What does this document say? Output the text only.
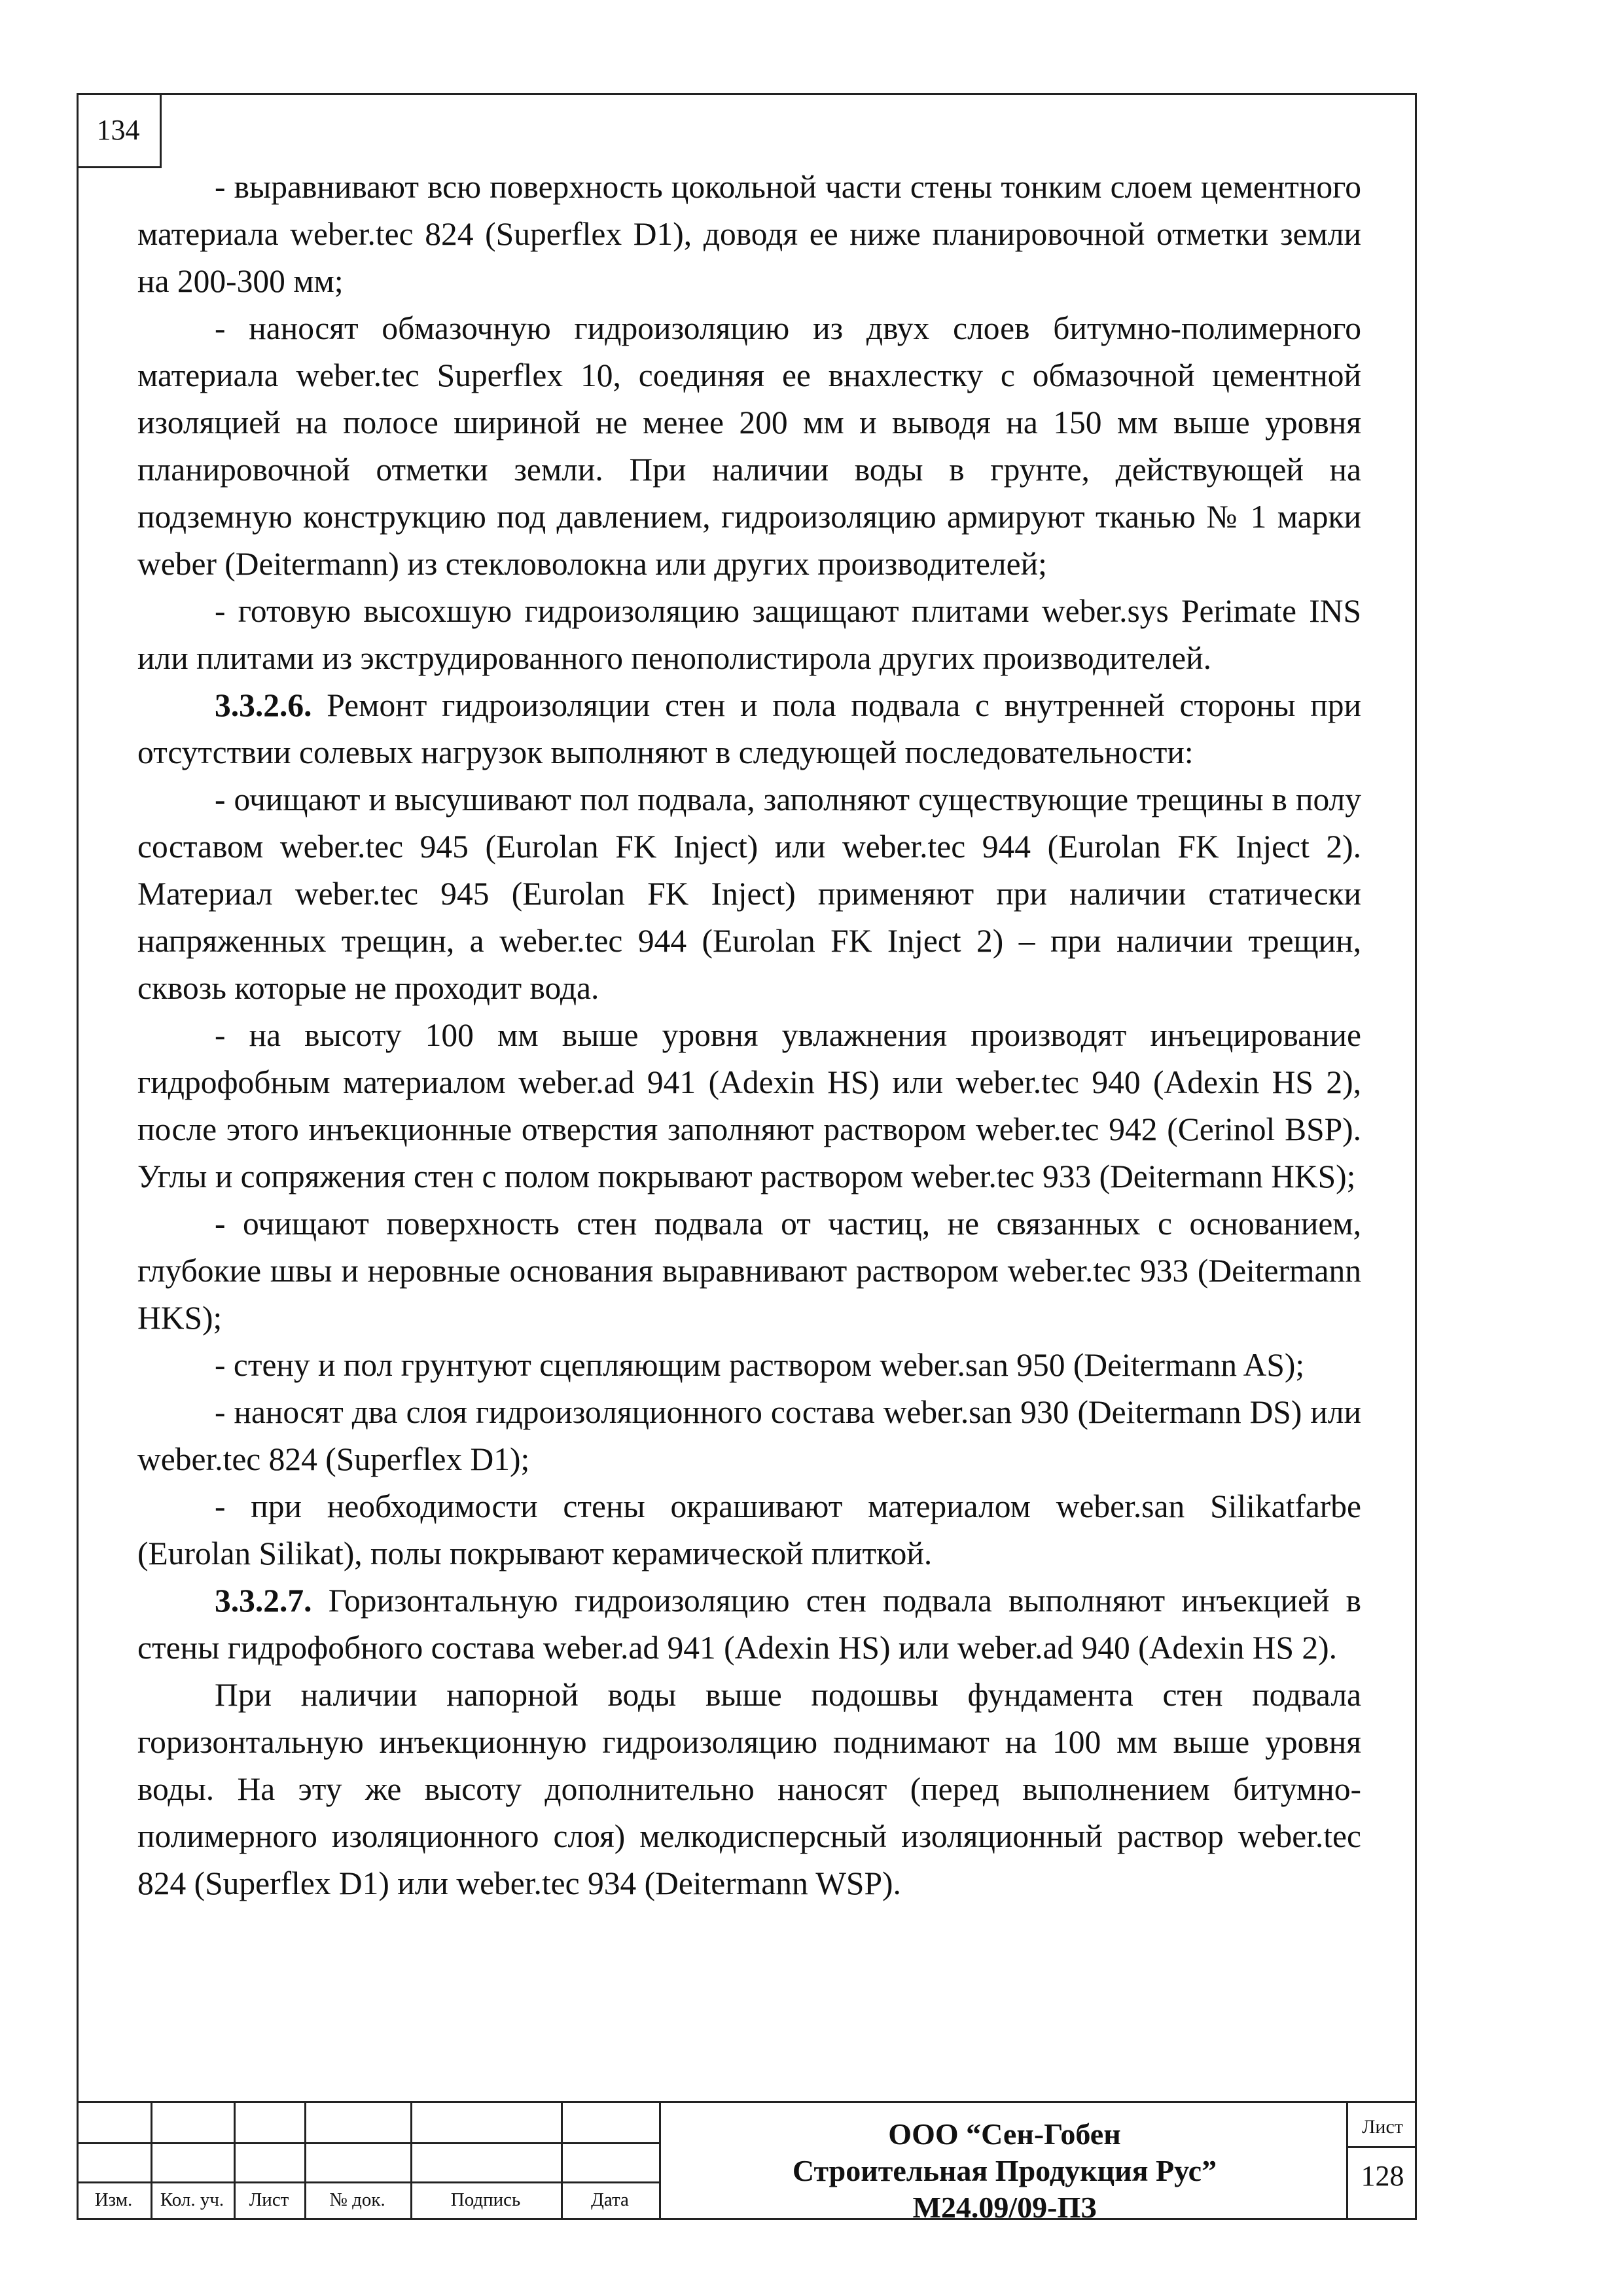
134

- выравнивают всю поверхность цокольной части стены тонким слоем цементного материала weber.tec 824 (Superflex D1), доводя ее ниже планировочной отметки земли на 200-300 мм;

- наносят обмазочную гидроизоляцию из двух слоев битумно-полимерного материала weber.tec Superflex 10, соединяя ее внахлестку с обмазочной цементной изоляцией на полосе шириной не менее 200 мм и выводя на 150 мм выше уровня планировочной отметки земли. При наличии воды в грунте, действующей на подземную конструкцию под давлением, гидроизоляцию армируют тканью № 1 марки weber (Deitermann) из стекловолокна или других производителей;

- готовую высохшую гидроизоляцию защищают плитами weber.sys Perimate INS или плитами из экструдированного пенополистирола других производителей.

3.3.2.6. Ремонт гидроизоляции стен и пола подвала с внутренней стороны при отсутствии солевых нагрузок выполняют в следующей последовательности:

- очищают и высушивают пол подвала, заполняют существующие трещины в полу составом weber.tec 945 (Eurolan FK Inject) или weber.tec 944 (Eurolan FK Inject 2). Материал weber.tec 945 (Eurolan FK Inject) применяют при наличии статически напряженных трещин, а weber.tec 944 (Eurolan FK Inject 2) – при наличии трещин, сквозь которые не проходит вода.

- на высоту 100 мм выше уровня увлажнения производят инъецирование гидрофобным материалом weber.ad 941 (Adexin HS) или weber.tec 940 (Adexin HS 2), после этого инъекционные отверстия заполняют раствором weber.tec 942 (Cerinol BSP). Углы и сопряжения стен с полом покрывают раствором weber.tec 933 (Deitermann HKS);

- очищают поверхность стен подвала от частиц, не связанных с основанием, глубокие швы и неровные основания выравнивают раствором weber.tec 933 (Deitermann HKS);

- стену и пол грунтуют сцепляющим раствором weber.san 950 (Deitermann AS);

- наносят два слоя гидроизоляционного состава weber.san 930 (Deitermann DS) или weber.tec 824 (Superflex D1);

- при необходимости стены окрашивают материалом weber.san Silikatfarbe (Eurolan Silikat), полы покрывают керамической плиткой.

3.3.2.7. Горизонтальную гидроизоляцию стен подвала выполняют инъекцией в стены гидрофобного состава weber.ad 941 (Adexin HS) или weber.ad 940 (Adexin HS 2).

При наличии напорной воды выше подошвы фундамента стен подвала горизонтальную инъекционную гидроизоляцию поднимают на 100 мм выше уровня воды. На эту же высоту дополнительно наносят (перед выполнением битумно-полимерного изоляционного слоя) мелкодисперсный изоляционный раствор weber.tec 824 (Superflex D1) или weber.tec 934 (Deitermann WSP).

Изм.	Кол. уч.	Лист	№ док.	Подпись	Дата
ООО “Сен-Гобен
Строительная Продукция Рус”
М24.09/09-ПЗ
Лист
128
